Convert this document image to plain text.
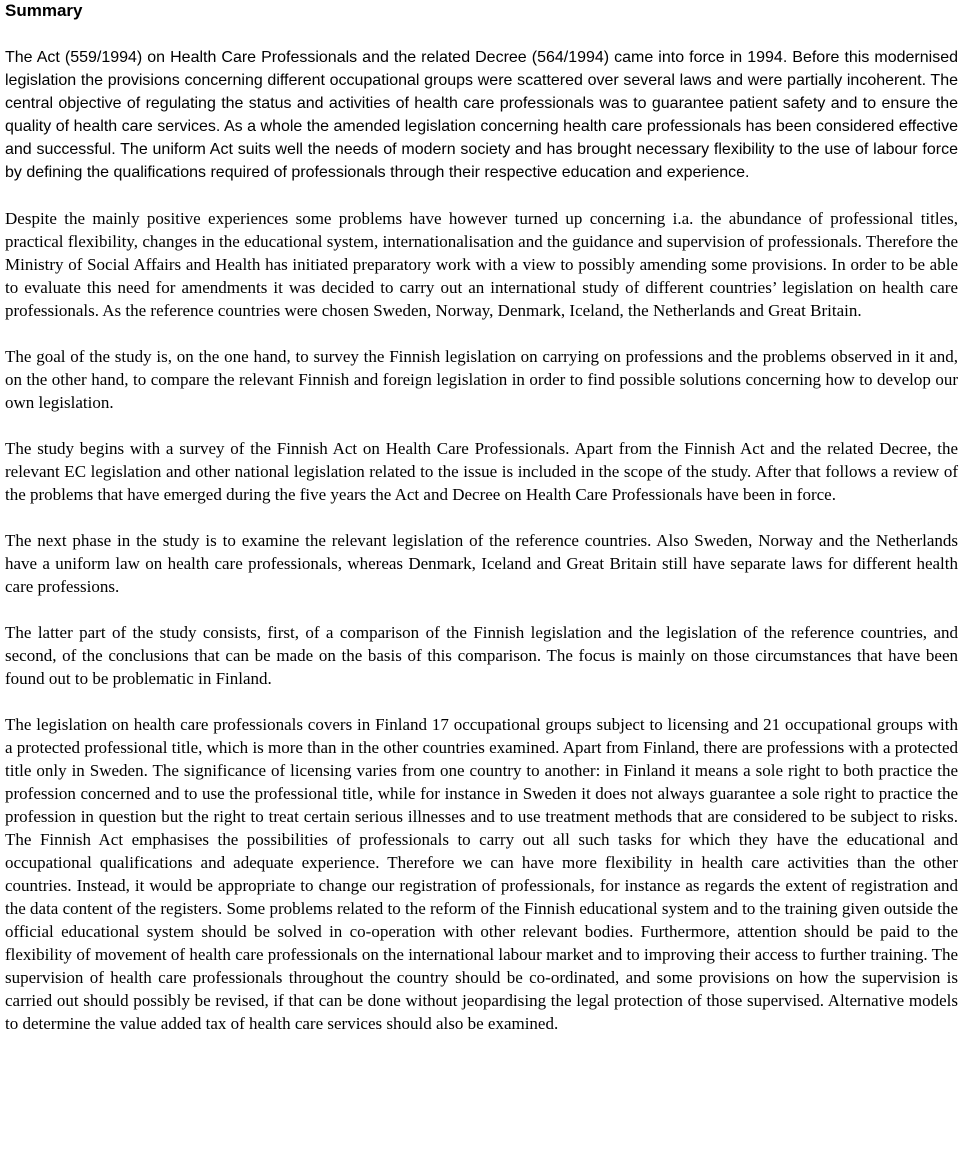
Summary

The Act (559/1994) on Health Care Professionals and the related Decree (564/1994) came into force in 1994. Before this modernised legislation the provisions concerning different occupational groups were scattered over several laws and were partially incoherent. The central objective of regulating the status and activities of health care professionals was to guarantee patient safety and to ensure the quality of health care services. As a whole the amended legislation concerning health care professionals has been considered effective and successful. The uniform Act suits well the needs of modern society and has brought necessary flexibility to the use of labour force by defining the qualifications required of professionals through their respective education and experience.

Despite the mainly positive experiences some problems have however turned up concerning i.a. the abundance of professional titles, practical flexibility, changes in the educational system, internationalisation and the guidance and supervision of professionals. Therefore the Ministry of Social Affairs and Health has initiated preparatory work with a view to possibly amending some provisions. In order to be able to evaluate this need for amendments it was decided to carry out an international study of different countries’ legislation on health care professionals. As the reference countries were chosen Sweden, Norway, Denmark, Iceland, the Netherlands and Great Britain.

The goal of the study is, on the one hand, to survey the Finnish legislation on carrying on professions and the problems observed in it and, on the other hand, to compare the relevant Finnish and foreign legislation in order to find possible solutions concerning how to develop our own legislation.

The study begins with a survey of the Finnish Act on Health Care Professionals. Apart from the Finnish Act and the related Decree, the relevant EC legislation and other national legislation related to the issue is included in the scope of the study. After that follows a review of the problems that have emerged during the five years the Act and Decree on Health Care Professionals have been in force.

The next phase in the study is to examine the relevant legislation of the reference countries. Also Sweden, Norway and the Netherlands have a uniform law on health care professionals, whereas Denmark, Iceland and Great Britain still have separate laws for different health care professions.

The latter part of the study consists, first, of a comparison of the Finnish legislation and the legislation of the reference countries, and second, of the conclusions that can be made on the basis of this comparison. The focus is mainly on those circumstances that have been found out to be problematic in Finland.

The legislation on health care professionals covers in Finland 17 occupational groups subject to licensing and 21 occupational groups with a protected professional title, which is more than in the other countries examined. Apart from Finland, there are professions with a protected title only in Sweden. The significance of licensing varies from one country to another: in Finland it means a sole right to both practice the profession concerned and to use the professional title, while for instance in Sweden it does not always guarantee a sole right to practice the profession in question but the right to treat certain serious illnesses and to use treatment methods that are considered to be subject to risks. The Finnish Act emphasises the possibilities of professionals to carry out all such tasks for which they have the educational and occupational qualifications and adequate experience. Therefore we can have more flexibility in health care activities than the other countries. Instead, it would be appropriate to change our registration of professionals, for instance as regards the extent of registration and the data content of the registers. Some problems related to the reform of the Finnish educational system and to the training given outside the official educational system should be solved in co-operation with other relevant bodies. Furthermore, attention should be paid to the flexibility of movement of health care professionals on the international labour market and to improving their access to further training. The supervision of health care professionals throughout the country should be co-ordinated, and some provisions on how the supervision is carried out should possibly be revised, if that can be done without jeopardising the legal protection of those supervised. Alternative models to determine the value added tax of health care services should also be examined.
